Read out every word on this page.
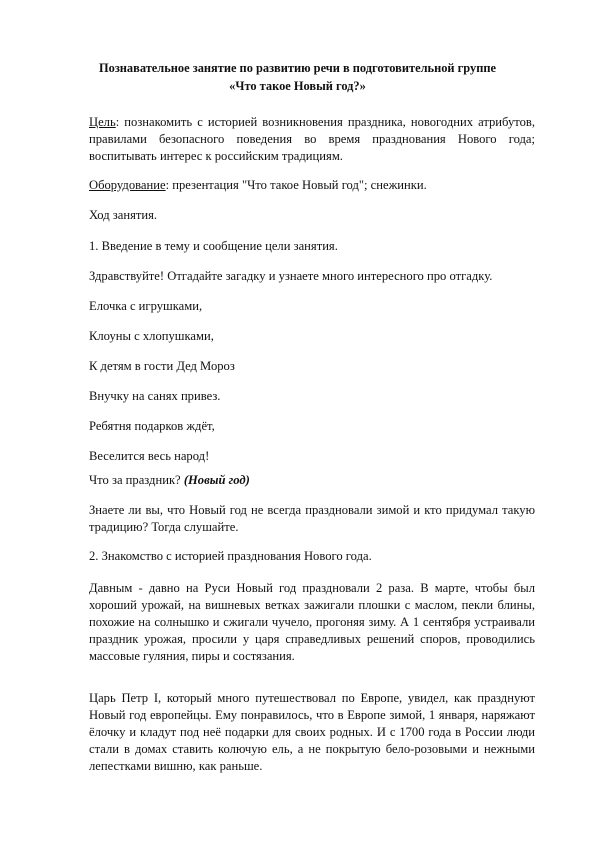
Познавательное занятие по развитию речи в подготовительной группе
«Что такое Новый год?»
Цель: познакомить с историей возникновения праздника, новогодних атрибутов, правилами безопасного поведения во время празднования Нового года; воспитывать интерес к российским традициям.
Оборудование: презентация "Что такое Новый год"; снежинки.
Ход занятия.
1. Введение в тему и сообщение цели занятия.
Здравствуйте! Отгадайте загадку и узнаете много интересного про отгадку.
Елочка с игрушками,
Клоуны с хлопушками,
К детям в гости Дед Мороз
Внучку на санях привез.
Ребятня подарков ждёт,
Веселится весь народ!
Что за праздник? (Новый год)
Знаете ли вы, что Новый год не всегда праздновали зимой и кто придумал такую традицию? Тогда слушайте.
2. Знакомство с историей празднования Нового года.
Давным - давно на Руси Новый год праздновали 2 раза. В марте, чтобы был хороший урожай, на вишневых ветках зажигали плошки с маслом, пекли блины, похожие на солнышко и сжигали чучело, прогоняя зиму. А 1 сентября устраивали праздник урожая, просили у царя справедливых решений споров, проводились массовые гуляния, пиры и состязания.
Царь Петр I, который много путешествовал по Европе, увидел, как празднуют Новый год европейцы. Ему понравилось, что в Европе зимой, 1 января, наряжают ёлочку и кладут под неё подарки для своих родных. И с 1700 года в России люди стали в домах ставить колючую ель, а не покрытую бело-розовыми и нежными лепестками вишню, как раньше.
